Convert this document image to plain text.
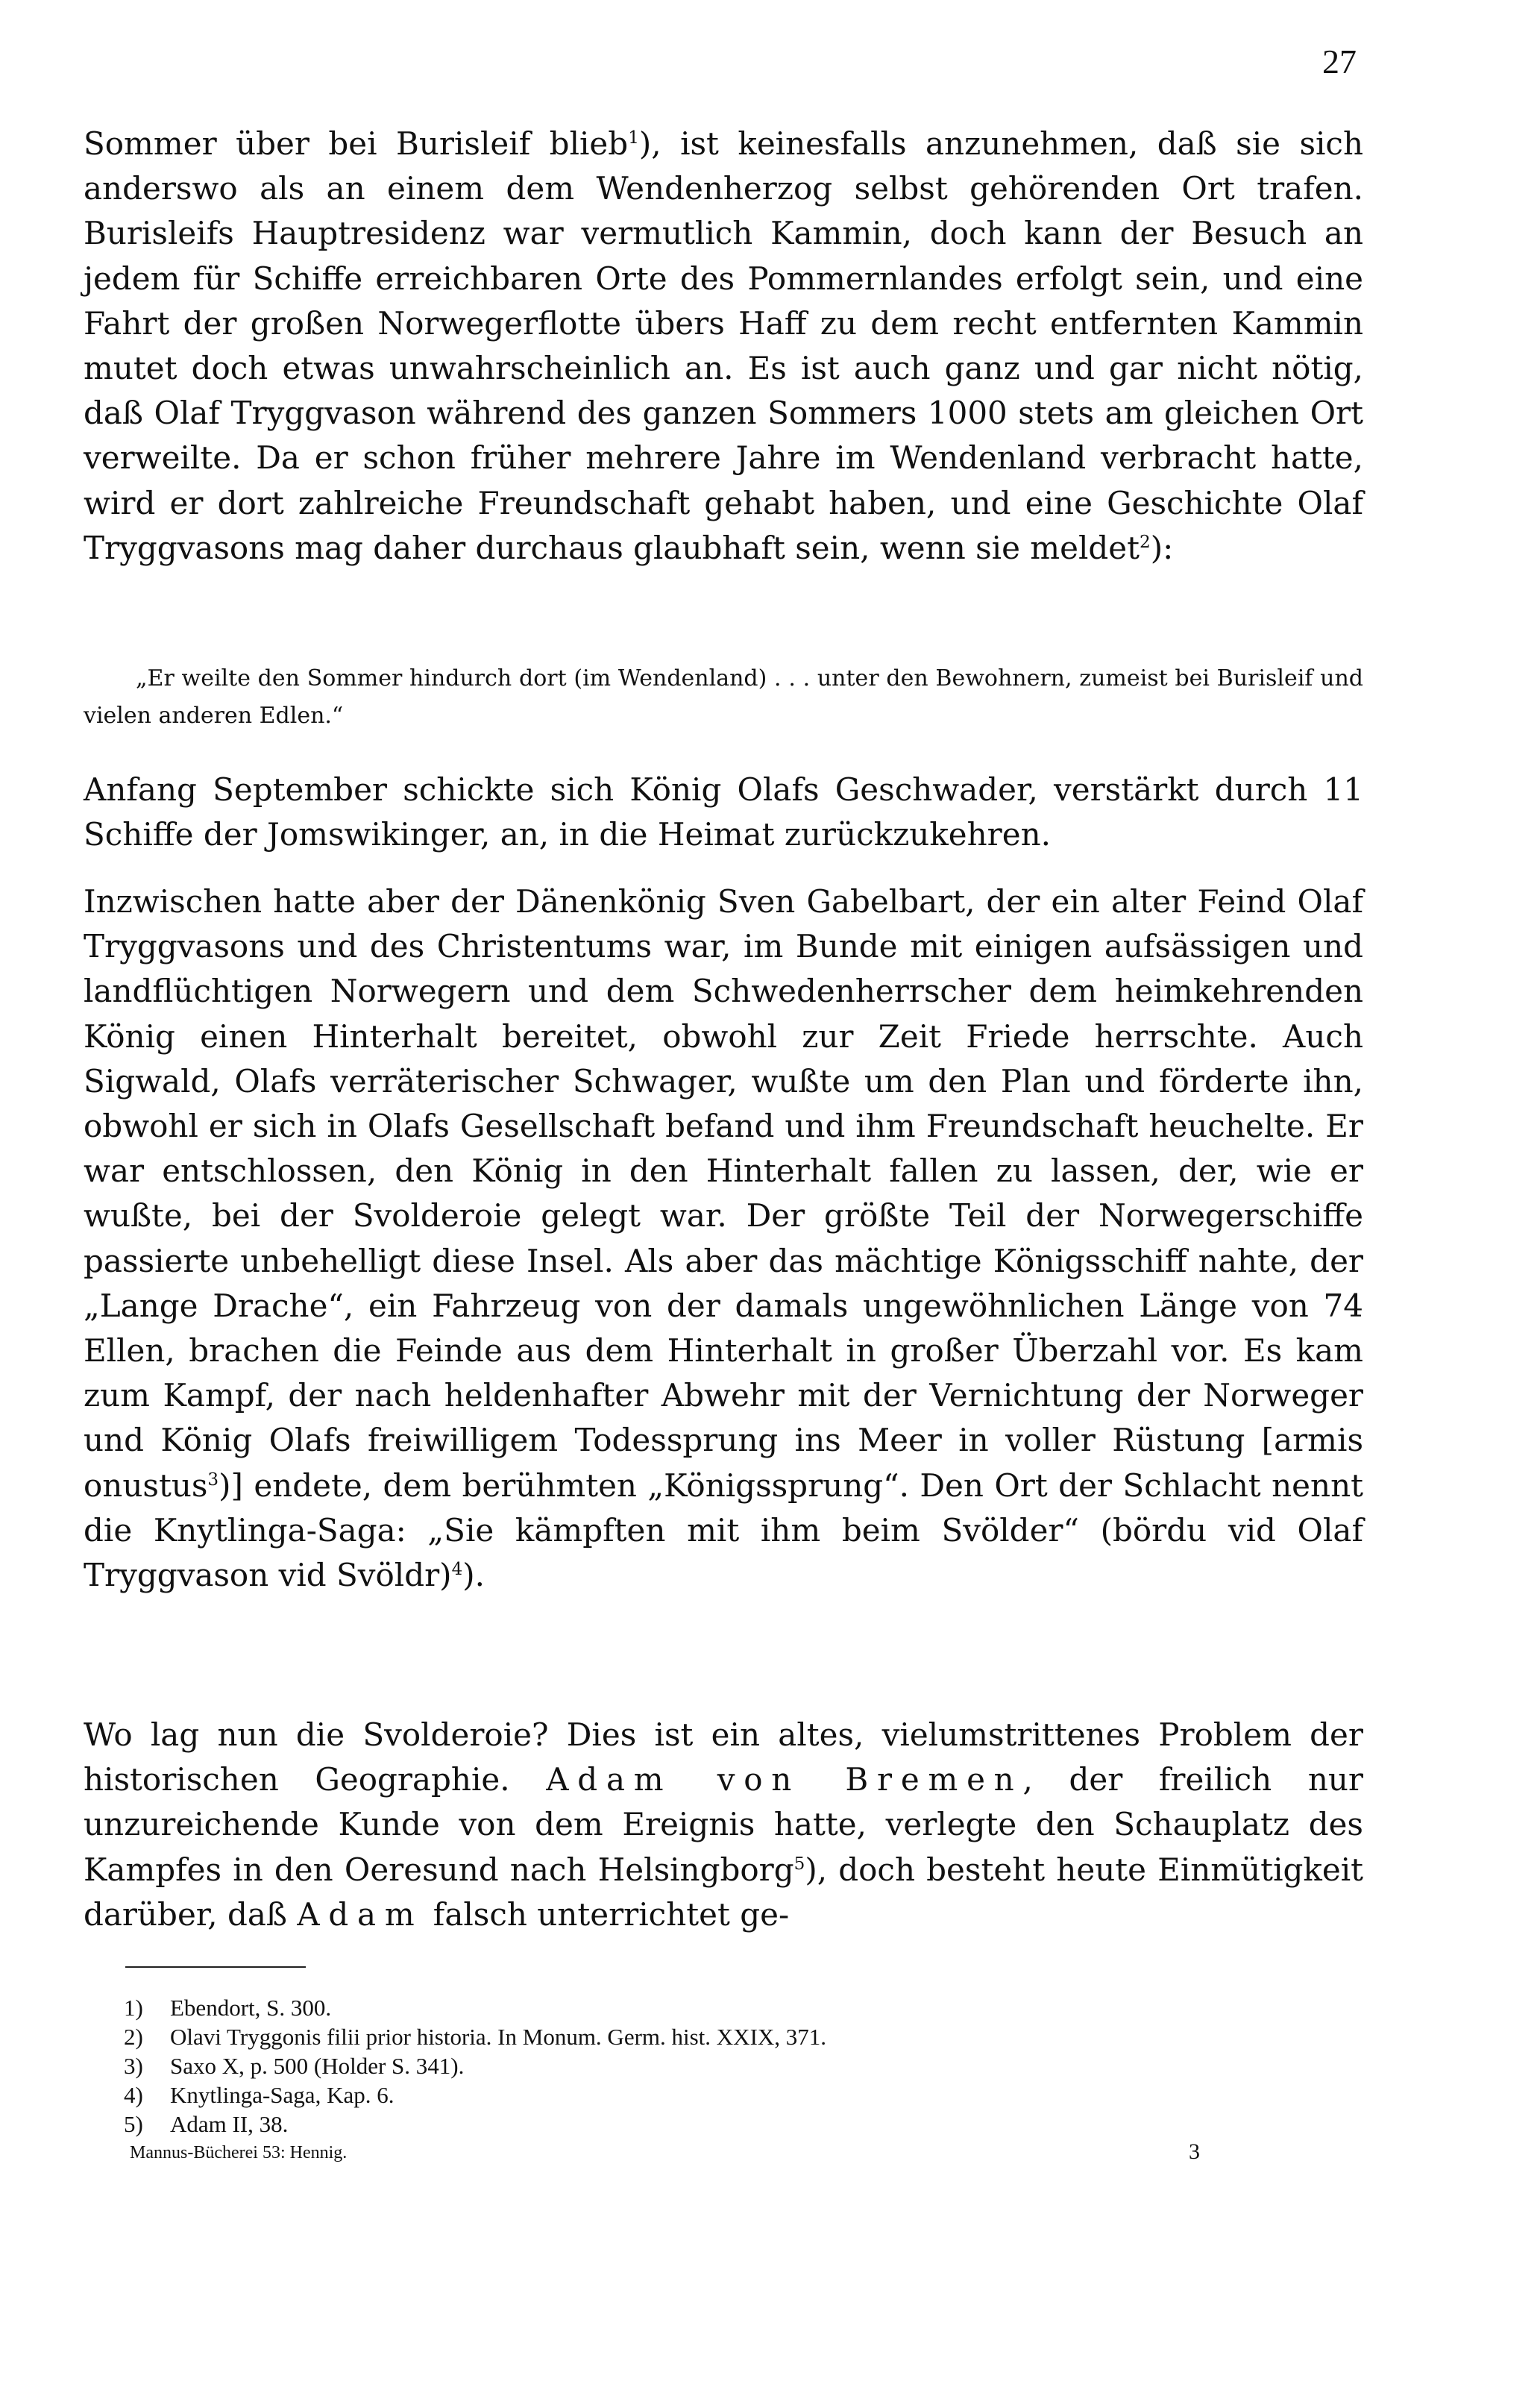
27

Sommer über bei Burisleif blieb$^1$), ist keinesfalls anzunehmen, daß sie sich anderswo als an einem dem Wendenherzog selbst gehörenden Ort trafen. Burisleifs Hauptresidenz war vermutlich Kammin, doch kann der Besuch an jedem für Schiffe erreichbaren Orte des Pommernlandes erfolgt sein, und eine Fahrt der großen Norwegerflotte übers Haff zu dem recht entfernten Kammin mutet doch etwas unwahrscheinlich an. Es ist auch ganz und gar nicht nötig, daß Olaf Tryggvason während des ganzen Sommers 1000 stets am gleichen Ort verweilte. Da er schon früher mehrere Jahre im Wendenland verbracht hatte, wird er dort zahlreiche Freundschaft gehabt haben, und eine Geschichte Olaf Tryggvasons mag daher durchaus glaubhaft sein, wenn sie meldet$^2$):

„Er weilte den Sommer hindurch dort (im Wendenland) . . . unter den Bewohnern, zumeist bei Burisleif und vielen anderen Edlen.“

Anfang September schickte sich König Olafs Geschwader, verstärkt durch 11 Schiffe der Jomswikinger, an, in die Heimat zurückzukehren.

Inzwischen hatte aber der Dänenkönig Sven Gabelbart, der ein alter Feind Olaf Tryggvasons und des Christentums war, im Bunde mit einigen aufsässigen und landflüchtigen Norwegern und dem Schwedenherrscher dem heimkehrenden König einen Hinterhalt bereitet, obwohl zur Zeit Friede herrschte. Auch Sigwald, Olafs verräterischer Schwager, wußte um den Plan und förderte ihn, obwohl er sich in Olafs Gesellschaft befand und ihm Freundschaft heuchelte. Er war entschlossen, den König in den Hinterhalt fallen zu lassen, der, wie er wußte, bei der Svolderoie gelegt war. Der größte Teil der Norwegerschiffe passierte unbehelligt diese Insel. Als aber das mächtige Königsschiff nahte, der „Lange Drache“, ein Fahrzeug von der damals ungewöhnlichen Länge von 74 Ellen, brachen die Feinde aus dem Hinterhalt in großer Überzahl vor. Es kam zum Kampf, der nach heldenhafter Abwehr mit der Vernichtung der Norweger und König Olafs freiwilligem Todessprung ins Meer in voller Rüstung [armis onustus$^3$)] endete, dem berühmten „Königssprung“. Den Ort der Schlacht nennt die Knytlinga-Saga: „Sie kämpften mit ihm beim Svölder“ (bördu vid Olaf Tryggvason vid Svöldr)$^4$).

Wo lag nun die Svolderoie? Dies ist ein altes, vielumstrittenes Problem der historischen Geographie. Adam von Bremen, der freilich nur unzureichende Kunde von dem Ereignis hatte, verlegte den Schauplatz des Kampfes in den Oeresund nach Helsingborg$^5$), doch besteht heute Einmütigkeit darüber, daß Adam falsch unterrichtet ge-

1) Ebendort, S. 300.
2) Olavi Tryggonis filii prior historia. In Monum. Germ. hist. XXIX, 371.
3) Saxo X, p. 500 (Holder S. 341).
4) Knytlinga-Saga, Kap. 6.
5) Adam II, 38.
Mannus-Bücherei 53: Hennig.	3
